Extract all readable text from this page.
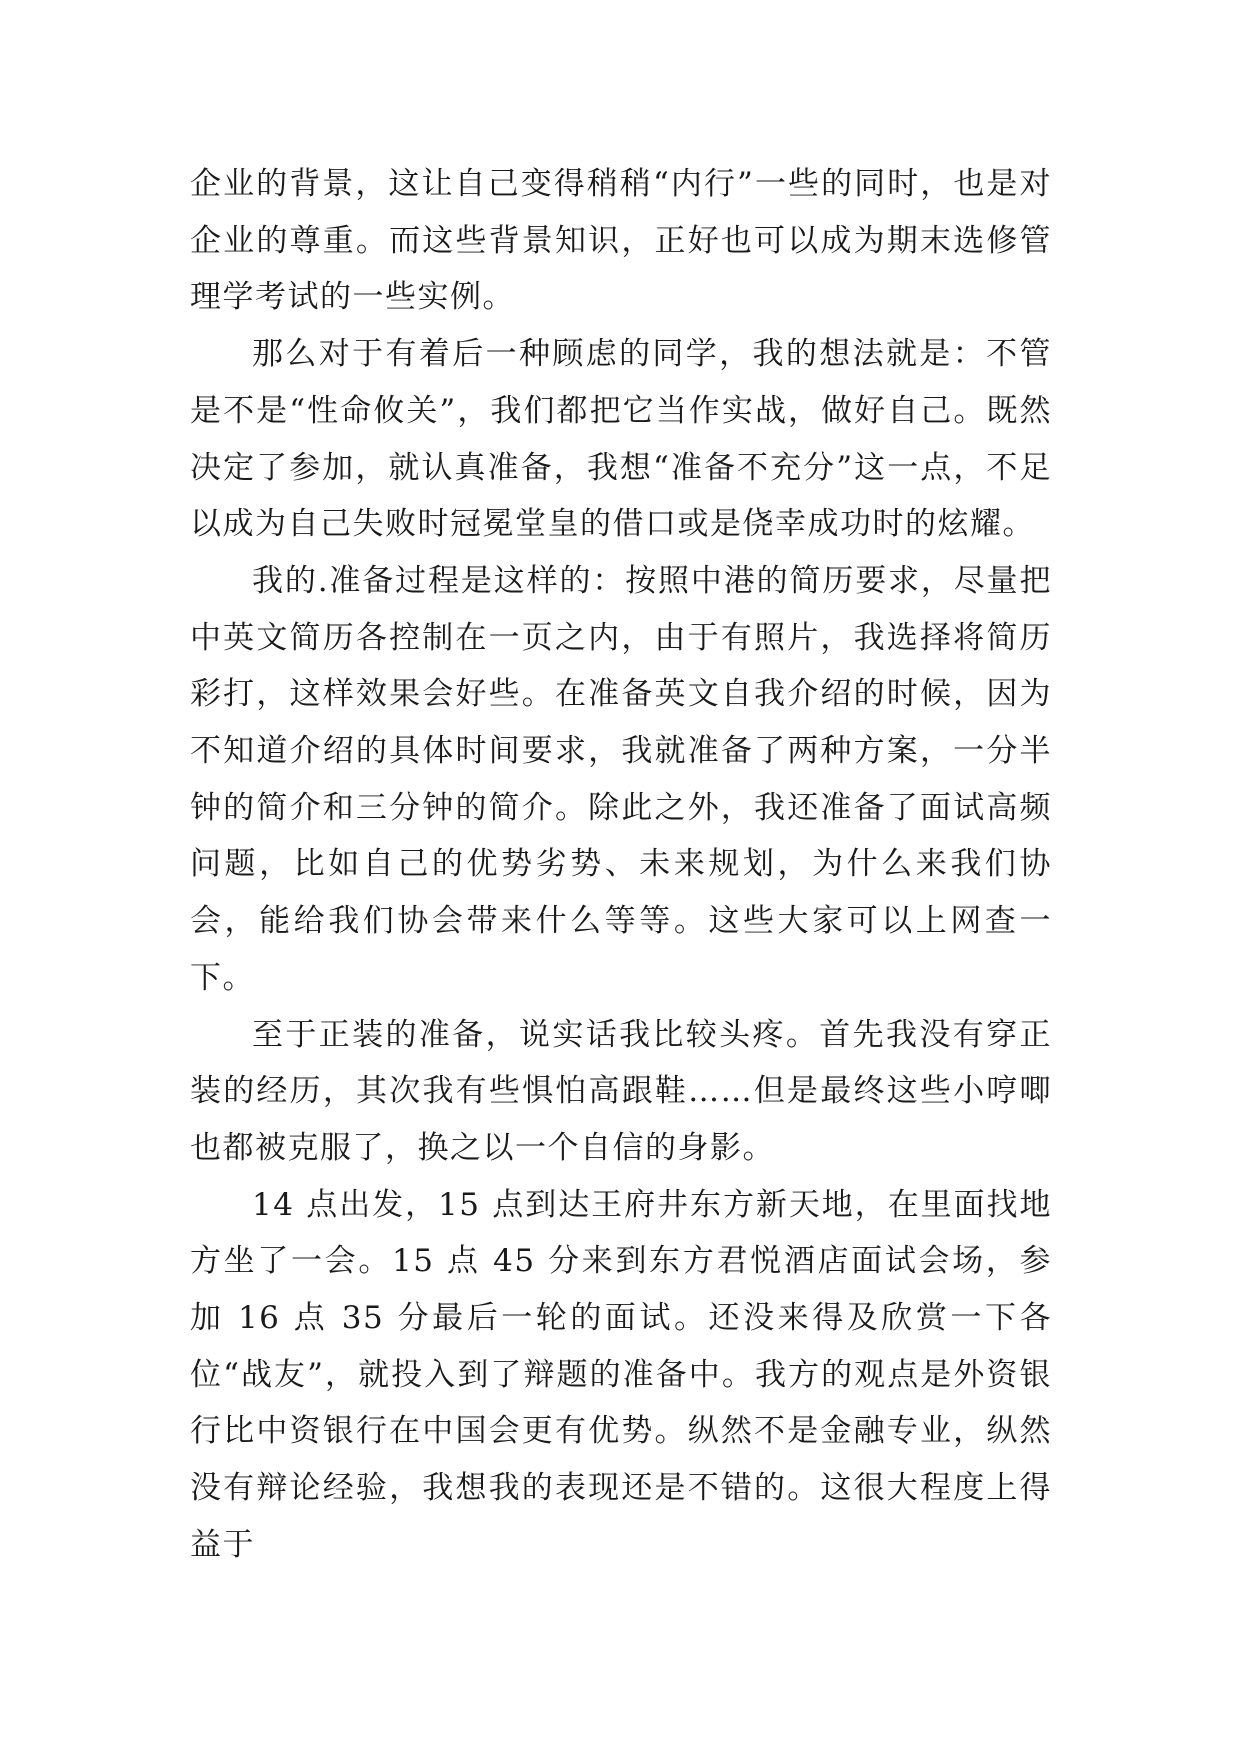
企业的背景，这让自己变得稍稍“内行”一些的同时，也是对企业的尊重。而这些背景知识，正好也可以成为期末选修管理学考试的一些实例。

那么对于有着后一种顾虑的同学，我的想法就是：不管是不是“性命攸关”，我们都把它当作实战，做好自己。既然决定了参加，就认真准备，我想“准备不充分”这一点，不足以成为自己失败时冠冕堂皇的借口或是侥幸成功时的炫耀。

我的.准备过程是这样的：按照中港的简历要求，尽量把中英文简历各控制在一页之内，由于有照片，我选择将简历彩打，这样效果会好些。在准备英文自我介绍的时候，因为不知道介绍的具体时间要求，我就准备了两种方案，一分半钟的简介和三分钟的简介。除此之外，我还准备了面试高频问题，比如自己的优势劣势、未来规划，为什么来我们协会，能给我们协会带来什么等等。这些大家可以上网查一下。

至于正装的准备，说实话我比较头疼。首先我没有穿正装的经历，其次我有些惧怕高跟鞋……但是最终这些小哼唧也都被克服了，换之以一个自信的身影。

14 点出发，15 点到达王府井东方新天地，在里面找地方坐了一会。15 点 45 分来到东方君悦酒店面试会场，参加 16 点 35 分最后一轮的面试。还没来得及欣赏一下各位“战友”，就投入到了辩题的准备中。我方的观点是外资银行比中资银行在中国会更有优势。纵然不是金融专业，纵然没有辩论经验，我想我的表现还是不错的。这很大程度上得益于
